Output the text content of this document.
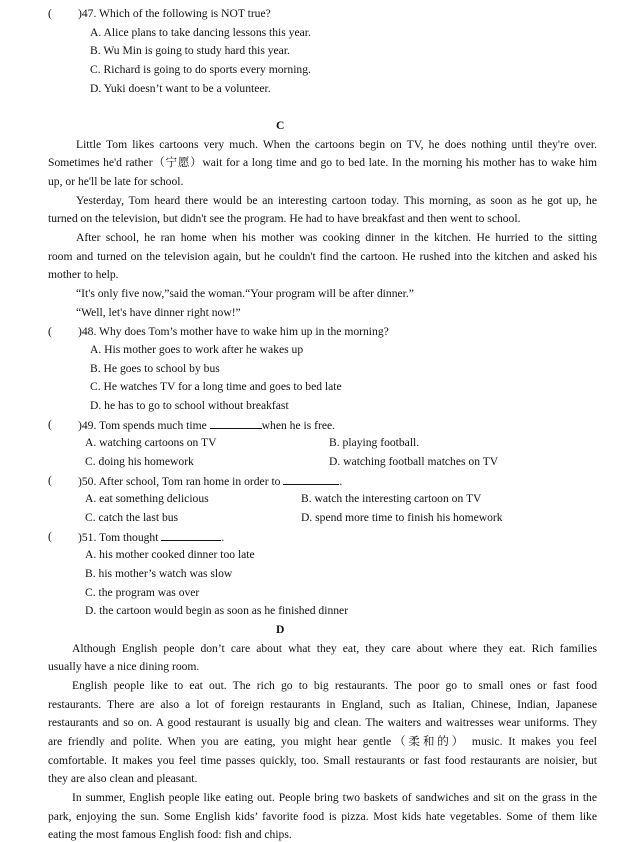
( )47. Which of the following is NOT true?
A. Alice plans to take dancing lessons this year.
B. Wu Min is going to study hard this year.
C. Richard is going to do sports every morning.
D. Yuki doesn’t want to be a volunteer.
C
Little Tom likes cartoons very much. When the cartoons begin on TV, he does nothing until they're over.
Sometimes he'd rather（宁愿）wait for a long time and go to bed late. In the morning his mother has to wake him
up, or he'll be late for school.
Yesterday, Tom heard there would be an interesting cartoon today. This morning, as soon as he got up, he
turned on the television, but didn't see the program. He had to have breakfast and then went to school.
After school, he ran home when his mother was cooking dinner in the kitchen. He hurried to the sitting
room and turned on the television again, but he couldn't find the cartoon. He rushed into the kitchen and asked his
mother to help.
“It's only five now,”said the woman.“Your program will be after dinner.”
“Well, let's have dinner right now!”
( )48. Why does Tom’s mother have to wake him up in the morning?
A. His mother goes to work after he wakes up
B. He goes to school by bus
C. He watches TV for a long time and goes to bed late
D. he has to go to school without breakfast
( )49. Tom spends much time	when he is free.
A. watching cartoons on TV	B. playing football.
C. doing his homework	D. watching football matches on TV
( )50. After school, Tom ran home in order to	.
A. eat something delicious	B. watch the interesting cartoon on TV
C. catch the last bus	D. spend more time to finish his homework
( )51. Tom thought	.
A. his mother cooked dinner too late
B. his mother’s watch was slow
C. the program was over
D. the cartoon would begin as soon as he finished dinner
D
Although English people don’t care about what they eat, they care about where they eat. Rich families
usually have a nice dining room.
English people like to eat out. The rich go to big restaurants. The poor go to small ones or fast food
restaurants. There are also a lot of foreign restaurants in England, such as Italian, Chinese, Indian, Japanese
restaurants and so on. A good restaurant is usually big and clean. The waiters and waitresses wear uniforms. They
are friendly and polite. When you are eating, you might hear gentle（柔和的） music. It makes you feel
comfortable. It makes you feel time passes quickly, too. Small restaurants or fast food restaurants are noisier, but
they are also clean and pleasant.
In summer, English people like eating out. People bring two baskets of sandwiches and sit on the grass in the
park, enjoying the sun. Some English kids’ favorite food is pizza. Most kids hate vegetables. Some of them like
eating the most famous English food: fish and chips.
